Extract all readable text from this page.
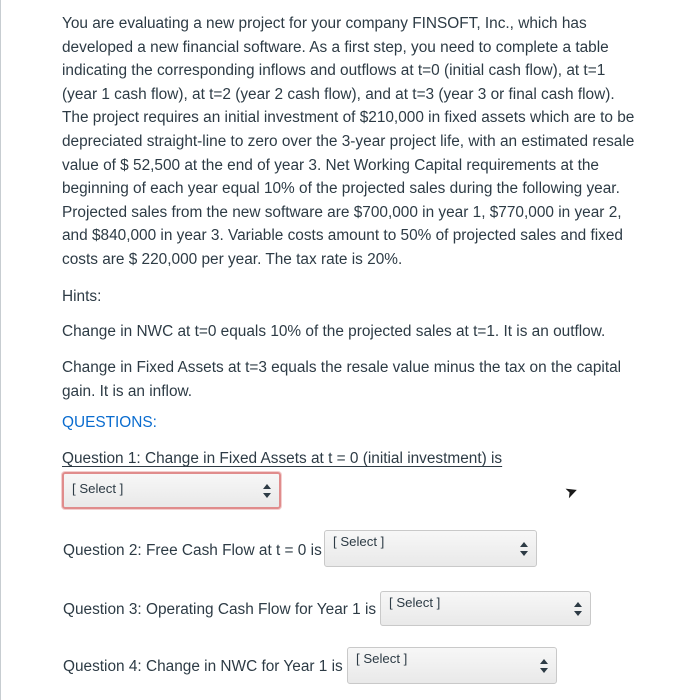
You are evaluating a new project for your company FINSOFT, Inc., which has developed a new financial software. As a first step, you need to complete a table indicating the corresponding inflows and outflows at t=0 (initial cash flow), at t=1 (year 1 cash flow), at t=2 (year 2 cash flow), and at t=3 (year 3 or final cash flow). The project requires an initial investment of $210,000 in fixed assets which are to be depreciated straight-line to zero over the 3-year project life, with an estimated resale value of $ 52,500 at the end of year 3. Net Working Capital requirements at the beginning of each year equal 10% of the projected sales during the following year. Projected sales from the new software are $700,000 in year 1, $770,000 in year 2, and $840,000 in year 3. Variable costs amount to 50% of projected sales and fixed costs are $ 220,000 per year. The tax rate is 20%.

Hints:

Change in NWC at t=0 equals 10% of the projected sales at t=1. It is an outflow.

Change in Fixed Assets at t=3 equals the resale value minus the tax on the capital gain. It is an inflow.

QUESTIONS:

Question 1: Change in Fixed Assets at t = 0 (initial investment) is
[ Select ]
Question 2: Free Cash Flow at t = 0 is
[ Select ]
Question 3: Operating Cash Flow for Year 1 is [ Select ]
Question 4: Change in NWC for Year 1 is [ Select ]
